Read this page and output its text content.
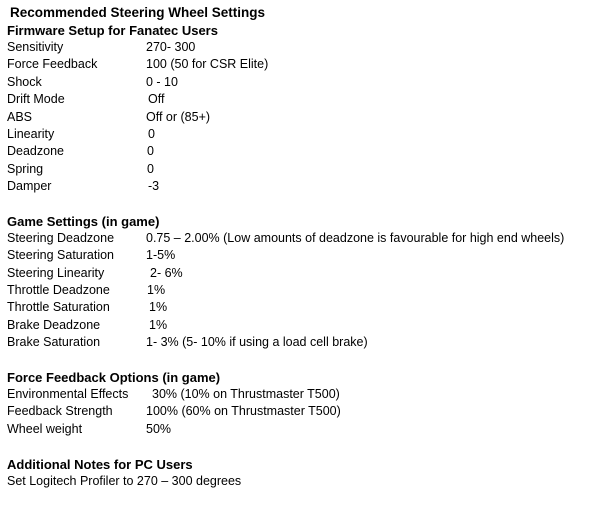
Recommended Steering Wheel Settings
Firmware Setup for Fanatec Users
Sensitivity	270- 300
Force Feedback	100 (50 for CSR Elite)
Shock	0 - 10
Drift Mode	Off
ABS	Off or (85+)
Linearity	0
Deadzone	0
Spring	0
Damper	-3
Game Settings (in game)
Steering Deadzone	0.75 – 2.00% (Low amounts of deadzone is favourable for high end wheels)
Steering Saturation	1-5%
Steering Linearity	2- 6%
Throttle Deadzone	1%
Throttle Saturation	1%
Brake Deadzone	1%
Brake Saturation	1- 3% (5- 10% if using a load cell brake)
Force Feedback Options (in game)
Environmental Effects 30% (10% on Thrustmaster T500)
Feedback Strength	100% (60% on Thrustmaster T500)
Wheel weight	50%
Additional Notes for PC Users
Set Logitech Profiler to 270 – 300 degrees
